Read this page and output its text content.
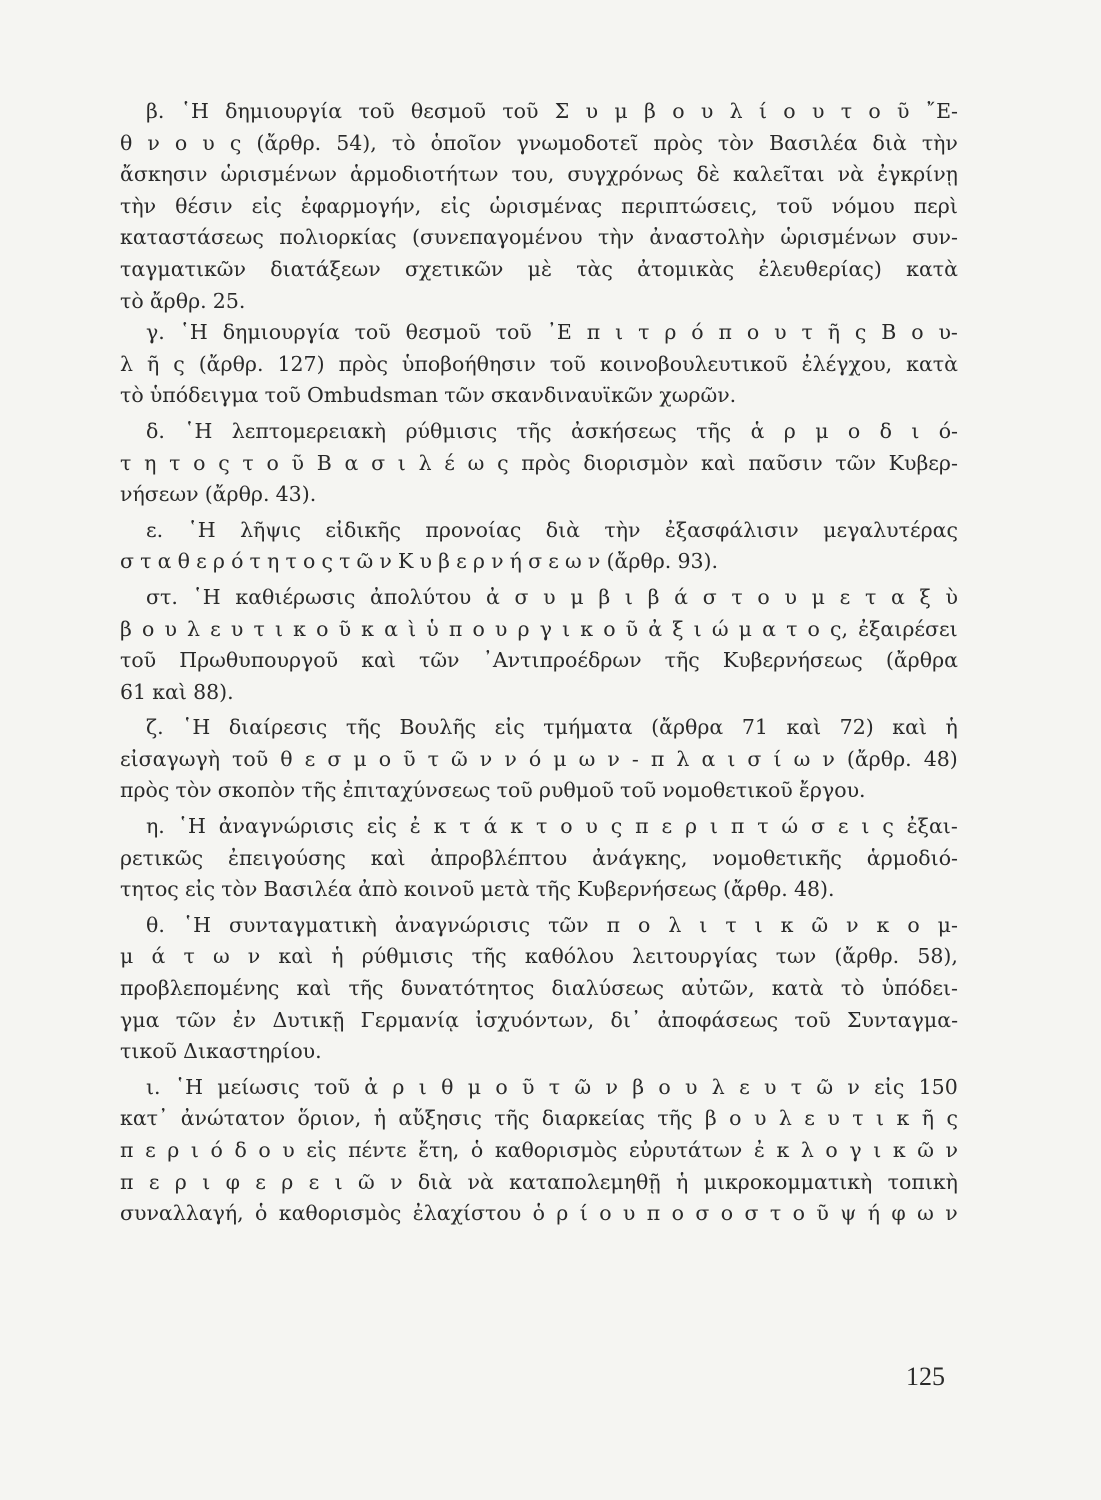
β. ῾Η δημιουργία τοῦ θεσμοῦ τοῦ Σ υ μ β ο υ λ ί ο υ τ ο ῦ ῎Ε-
θ ν ο υ ς (ἄρθρ. 54), τὸ ὁποῖον γνωμοδοτεῖ πρὸς τὸν Βασιλέα διὰ τὴν
ἄσκησιν ὡρισμένων ἁρμοδιοτήτων του, συγχρόνως δὲ καλεῖται νὰ ἐγκρίνῃ
τὴν θέσιν εἰς ἐφαρμογήν, εἰς ὡρισμένας περιπτώσεις, τοῦ νόμου περὶ
καταστάσεως πολιορκίας (συνεπαγομένου τὴν ἀναστολὴν ὡρισμένων συν-
ταγματικῶν διατάξεων σχετικῶν μὲ τὰς ἀτομικὰς ἐλευθερίας) κατὰ
τὸ ἄρθρ. 25.
γ. ῾Η δημιουργία τοῦ θεσμοῦ τοῦ ᾿Ε π ι τ ρ ό π ο υ τ ῆ ς Β ο υ-
λ ῆ ς (ἄρθρ. 127) πρὸς ὑποβοήθησιν τοῦ κοινοβουλευτικοῦ ἐλέγχου, κατὰ
τὸ ὑπόδειγμα τοῦ Ombudsman τῶν σκανδιναυϊκῶν χωρῶν.
δ. ῾Η λεπτομερειακὴ ρύθμισις τῆς ἀσκήσεως τῆς ἁ ρ μ ο δ ι ό-
τ η τ ο ς τ ο ῦ Β α σ ι λ έ ω ς πρὸς διορισμὸν καὶ παῦσιν τῶν Κυβερ-
νήσεων (ἄρθρ. 43).
ε. ῾Η λῆψις εἰδικῆς προνοίας διὰ τὴν ἐξασφάλισιν μεγαλυτέρας
σ τ α θ ε ρ ό τ η τ ο ς τ ῶ ν Κ υ β ε ρ ν ή σ ε ω ν (ἄρθρ. 93).
στ. ῾Η καθιέρωσις ἀπολύτου ἀ σ υ μ β ι β ά σ τ ο υ μ ε τ α ξ ὺ
β ο υ λ ε υ τ ι κ ο ῦ κ α ὶ ὑ π ο υ ρ γ ι κ ο ῦ ἀ ξ ι ώ μ α τ ο ς, ἐξαιρέσει
τοῦ Πρωθυπουργοῦ καὶ τῶν ᾿Αντιπροέδρων τῆς Κυβερνήσεως (ἄρθρα
61 καὶ 88).
ζ. ῾Η διαίρεσις τῆς Βουλῆς εἰς τμήματα (ἄρθρα 71 καὶ 72) καὶ ἡ
εἰσαγωγὴ τοῦ θ ε σ μ ο ῦ τ ῶ ν ν ό μ ω ν - π λ α ι σ ί ω ν (ἄρθρ. 48)
πρὸς τὸν σκοπὸν τῆς ἐπιταχύνσεως τοῦ ρυθμοῦ τοῦ νομοθετικοῦ ἔργου.
η. ῾Η ἀναγνώρισις εἰς ἐ κ τ ά κ τ ο υ ς π ε ρ ι π τ ώ σ ε ι ς ἐξαι-
ρετικῶς ἐπειγούσης καὶ ἀπροβλέπτου ἀνάγκης, νομοθετικῆς ἁρμοδιό-
τητος εἰς τὸν Βασιλέα ἀπὸ κοινοῦ μετὰ τῆς Κυβερνήσεως (ἄρθρ. 48).
θ. ῾Η συνταγματικὴ ἀναγνώρισις τῶν π ο λ ι τ ι κ ῶ ν κ ο μ-
μ ά τ ω ν καὶ ἡ ρύθμισις τῆς καθόλου λειτουργίας των (ἄρθρ. 58),
προβλεπομένης καὶ τῆς δυνατότητος διαλύσεως αὐτῶν, κατὰ τὸ ὑπόδει-
γμα τῶν ἐν Δυτικῇ Γερμανίᾳ ἰσχυόντων, δι᾿ ἀποφάσεως τοῦ Συνταγμα-
τικοῦ Δικαστηρίου.
ι. ῾Η μείωσις τοῦ ἀ ρ ι θ μ ο ῦ τ ῶ ν β ο υ λ ε υ τ ῶ ν εἰς 150
κατ᾿ ἀνώτατον ὅριον, ἡ αὔξησις τῆς διαρκείας τῆς β ο υ λ ε υ τ ι κ ῆ ς
π ε ρ ι ό δ ο υ εἰς πέντε ἔτη, ὁ καθορισμὸς εὐρυτάτων ἐ κ λ ο γ ι κ ῶ ν
π ε ρ ι φ ε ρ ε ι ῶ ν διὰ νὰ καταπολεμηθῇ ἡ μικροκομματικὴ τοπικὴ
συναλλαγή, ὁ καθορισμὸς ἐλαχίστου ὁ ρ ί ο υ π ο σ ο σ τ ο ῦ ψ ή φ ω ν
125
